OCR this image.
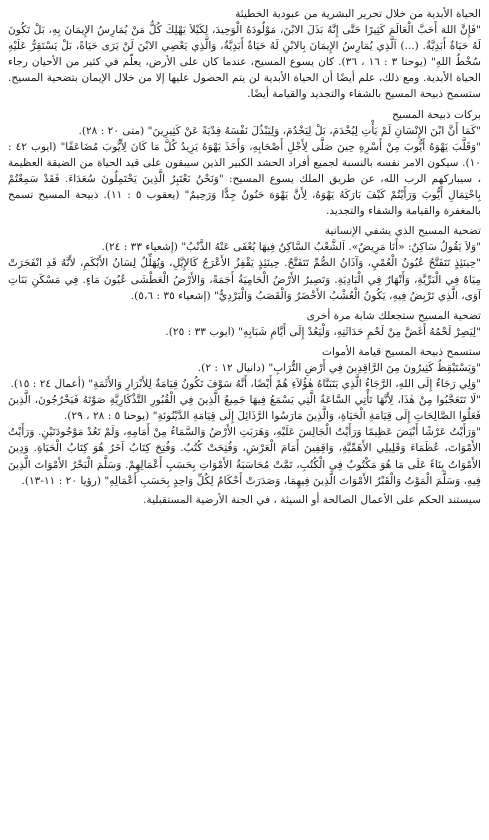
الحياة الأبدية من خلال تحرير البشرية من عبودية الخطيئة

"فَإِنَّ اللهَ أَحَبَّ الْعَالَمَ كَثِيرًا حَتَّى إِنَّهُ بَذَلَ الابْنَ، مَوْلُودَهُ الْوَحِيدَ، لِكَيْلاَ يَهْلِكَ كُلُّ مَنْ يُمَارِسُ الإِيمَانَ بِهِ، بَلْ تَكُونَ لَهُ حَيَاةٌ أَبَدِيَّةٌ. (...) اَلَّذِي يُمَارِسُ الإِيمَانَ بِالابْنِ لَهُ حَيَاةٌ أَبَدِيَّةٌ، وَالَّذِي يَعْصِي الابْنَ لَنْ يَرَى حَيَاةً، بَلْ يَسْتَقِرُّ عَلَيْهِ سُخْطُ اللهِ" (يوحنا ٣ : ١٦ ، ٣٦). كان يسوع المسيح، عندما كان على الأرض، يعلّم في كثير من الأحيان رجاء الحياة الأبدية. ومع ذلك، علم أيضًا أن الحياة الأبدية لن يتم الحصول عليها إلا من خلال الإيمان بتضحية المسيح. ستسمح ذبيحة المسيح بالشفاء والتجديد والقيامة أيضًا.

بركات ذبيحة المسيح

"كَمَا أَنَّ ابْنَ الإِنْسَانِ لَمْ يَأْتِ لِيُخْدَمَ، بَلْ لِيَخْدُمَ، وَلِيَبْذُلَ نَفْسَهُ فِدْيَةً عَنْ كَثِيرِينَ" (متى ٢٠ : ٢٨).

"وَقَلَّبَ يَهْوَهُ أَيُّوبَ مِنْ أَسْرِهِ حِينَ صَلَّى لِأَجْلِ أَصْحَابِهِ، وَأَخَذَ يَهْوَهُ يَزِيدُ كُلَّ مَا كَانَ لِأَيُّوبَ مُضَاعَفًا" (ايوب ٤٢ : ١٠). سيكون الامر نفسه بالنسبة لجميع أفراد الحشد الكبير الذين سيبقون على قيد الحياة من الضيقة العظيمة ، سيباركهم الرب الله، عن طريق الملك يسوع المسيح: "وَنَحْنُ نَعْتَبِرُ الَّذِينَ يَحْتَمِلُونَ سُعَدَاءَ. فَقَدْ سَمِعْتُمْ بِاحْتِمَالِ أَيُّوبَ وَرَأَيْتُمْ كَيْفَ بَارَكَهُ يَهْوَهُ، لِأَنَّ يَهْوَهَ حَنُونٌ جِدًّا وَرَحِيمٌ" (يعقوب ٥ : ١١). ذبيحة المسيح تسمح بالمغفرة والقيامة والشفاء والتجديد.

تضحية المسيح الذي يشفي الإنسانية

"وَلاَ يَقُولُ سَاكِنٌ: «أَنَا مَرِيضٌ». اَلشَّعْبُ السَّاكِنُ فِيهَا يُعْفَى عَنْهُ الذَّنْبُ" (إشعياء ٣٣ : ٢٤).

"حِينَئِذٍ تَتَفَتَّحُ عُيُونُ الْعُمْيِ، وَآذَانُ الصُّمِّ تَتَفَتَّحُ. حِينَئِذٍ يَقْفِزُ الأَعْرَجُ كَالإِيَّلِ، وَيُهَلِّلُ لِسَانُ الأَبْكَمِ، لأَنَّهُ قَدِ انْفَجَرَتْ مِيَاهٌ فِي الْبَرِّيَّةِ، وَأَنْهَارٌ فِي الْبَادِيَةِ. وَتَصِيرُ الأَرْضُ الْحَامِيَةُ أَجَمَةً، وَالأَرْضُ الْعَطْشَى عُيُونَ مَاءٍ. فِي مَسْكَنِ بَنَاتِ آوَى، الَّذِي تَرْبِضُ فِيهِ، يَكُونُ الْعُشْبُ الأَخْضَرُ وَالْقَصَبُ وَالْبَرْدِيُّ" (إشعياء ٣٥ : ٥،٦).

تضحية المسيح ستجعلك شابة مرة أخرى

"لِيَصِرْ لَحْمُهُ أَغَضَّ مِنْ لَحْمِ حَدَاثَتِهِ، وَلْيَعُدْ إِلَى أَيَّامِ شَبَابِهِ" (ايوب ٣٣ : ٢٥).

ستسمح ذبيحة المسيح قيامة الأموات

"وَيَسْتَيْقِظُ كَثِيرُونَ مِنَ الرَّاقِدِينَ فِي أَرْضِ التُّرَابِ" (دانيال ١٢ : ٢).

"وَلِي رَجَاءٌ إِلَى اللهِ، الرَّجَاءُ الَّذِي يَتَبَنَّاهُ هٰؤُلاَءِ هُمْ أَيْضًا، أَنَّهُ سَوْفَ تَكُونُ قِيَامَةٌ لِلأَبْرَارِ وَالأَثَمَةِ" (أعمال ٢٤ : ١٥).

"لَا تَتَعَجَّبُوا مِنْ هٰذَا، لِأَنَّهَا تَأْتِي السَّاعَةُ الَّتِي يَسْمَعُ فِيهَا جَمِيعُ الَّذِينَ فِي الْقُبُورِ التَّذْكَارِيَّةِ صَوْتَهُ فَيَخْرُجُونَ، الَّذِينَ فَعَلُوا الصَّالِحَاتِ إِلَى قِيَامَةِ الْحَيَاةِ، وَالَّذِينَ مَارَسُوا الرَّذَائِلَ إِلَى قِيَامَةِ الدَّيْنُونَةِ" (يوحنا ٥ : ٢٨ ، ٢٩).

"وَرَأَيْتُ عَرْشًا أَبْيَضَ عَظِيمًا وَرَأَيْتُ الْجَالِسَ عَلَيْهِ، وَهَرَبَتِ الأَرْضُ وَالسَّمَاءُ مِنْ أَمَامِهِ، وَلَمْ تَعُدْ مَوْجُودَتَيْنِ. وَرَأَيْتُ الأَمْوَاتَ، عُظَمَاءَ وَقَلِيلِي الأَهَمِّيَّةِ، وَاقِفِينَ أَمَامَ الْعَرْشِ، وَفُتِحَتْ كُتُبٌ. وَفُتِحَ كِتَابٌ آخَرُ هُوَ كِتَابُ الْحَيَاةِ. وَدِينَ الأَمْوَاتُ بِنَاءً عَلَى مَا هُوَ مَكْتُوبٌ فِي الْكُتُبِ، تَمَّتْ مُحَاسَبَةُ الأَمْوَاتِ بِحَسَبِ أَعْمَالِهِمْ. وَسَلَّمَ الْبَحْرُ الأَمْوَاتَ الَّذِينَ فِيهِ، وَسَلَّمَ الْمَوْتُ وَالْقَبْرُ الأَمْوَاتَ الَّذِينَ فِيهِمَا، وَصَدَرَتْ أَحْكَامٌ لِكُلِّ وَاحِدٍ بِحَسَبِ أَعْمَالِهِ" (رؤيا ٢٠ : ١١-١٣).

سيستند الحكم على الأعمال الصالحة أو السيئة ، في الجنة الأرضية المستقبلية.
